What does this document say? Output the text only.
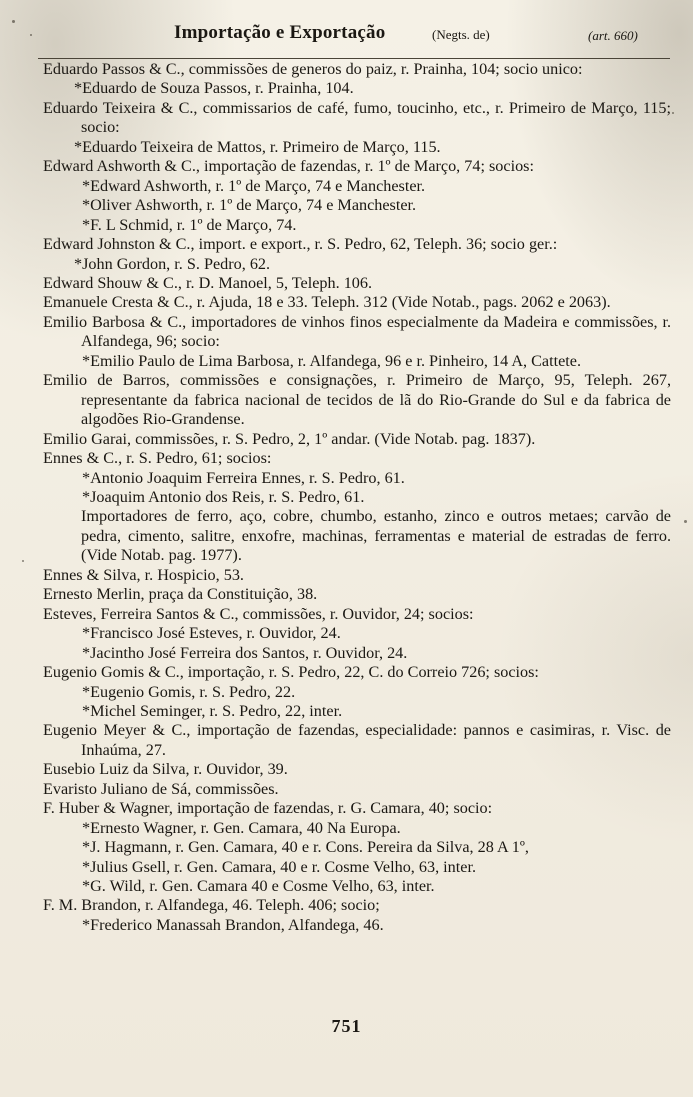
Importação e Exportação	(Negts. de)	(art. 660)

Eduardo Passos & C., commissões de generos do paiz, r. Prainha, 104; socio unico:

*Eduardo de Souza Passos, r. Prainha, 104.

Eduardo Teixeira & C., commissarios de café, fumo, toucinho, etc., r. Primeiro de Março, 115; socio:

*Eduardo Teixeira de Mattos, r. Primeiro de Março, 115.

Edward Ashworth & C., importação de fazendas, r. 1º de Março, 74; socios:

*Edward Ashworth, r. 1º de Março, 74 e Manchester.

*Oliver Ashworth, r. 1º de Março, 74 e Manchester.

*F. L Schmid, r. 1º de Março, 74.

Edward Johnston & C., import. e export., r. S. Pedro, 62, Teleph. 36; socio ger.:

*John Gordon, r. S. Pedro, 62.

Edward Shouw & C., r. D. Manoel, 5, Teleph. 106.

Emanuele Cresta & C., r. Ajuda, 18 e 33. Teleph. 312 (Vide Notab., pags. 2062 e 2063).

Emilio Barbosa & C., importadores de vinhos finos especialmente da Madeira e commissões, r. Alfandega, 96; socio:

*Emilio Paulo de Lima Barbosa, r. Alfandega, 96 e r. Pinheiro, 14 A, Cattete.

Emilio de Barros, commissões e consignações, r. Primeiro de Março, 95, Teleph. 267, representante da fabrica nacional de tecidos de lã do Rio-Grande do Sul e da fabrica de algodões Rio-Grandense.

Emilio Garai, commissões, r. S. Pedro, 2, 1º andar. (Vide Notab. pag. 1837).

Ennes & C., r. S. Pedro, 61; socios:

*Antonio Joaquim Ferreira Ennes, r. S. Pedro, 61.

*Joaquim Antonio dos Reis, r. S. Pedro, 61.

Importadores de ferro, aço, cobre, chumbo, estanho, zinco e outros metaes; carvão de pedra, cimento, salitre, enxofre, machinas, ferramentas e material de estradas de ferro. (Vide Notab. pag. 1977).

Ennes & Silva, r. Hospicio, 53.

Ernesto Merlin, praça da Constituição, 38.

Esteves, Ferreira Santos & C., commissões, r. Ouvidor, 24; socios:

*Francisco José Esteves, r. Ouvidor, 24.

*Jacintho José Ferreira dos Santos, r. Ouvidor, 24.

Eugenio Gomis & C., importação, r. S. Pedro, 22, C. do Correio 726; socios:

*Eugenio Gomis, r. S. Pedro, 22.

*Michel Seminger, r. S. Pedro, 22, inter.

Eugenio Meyer & C., importação de fazendas, especialidade: pannos e casimiras, r. Visc. de Inhaúma, 27.

Eusebio Luiz da Silva, r. Ouvidor, 39.

Evaristo Juliano de Sá, commissões.

F. Huber & Wagner, importação de fazendas, r. G. Camara, 40; socio:

*Ernesto Wagner, r. Gen. Camara, 40 Na Europa.

*J. Hagmann, r. Gen. Camara, 40 e r. Cons. Pereira da Silva, 28 A 1º,

*Julius Gsell, r. Gen. Camara, 40 e r. Cosme Velho, 63, inter.

*G. Wild, r. Gen. Camara 40 e Cosme Velho, 63, inter.

F. M. Brandon, r. Alfandega, 46. Teleph. 406; socio;

*Frederico Manassah Brandon, Alfandega, 46.

751
